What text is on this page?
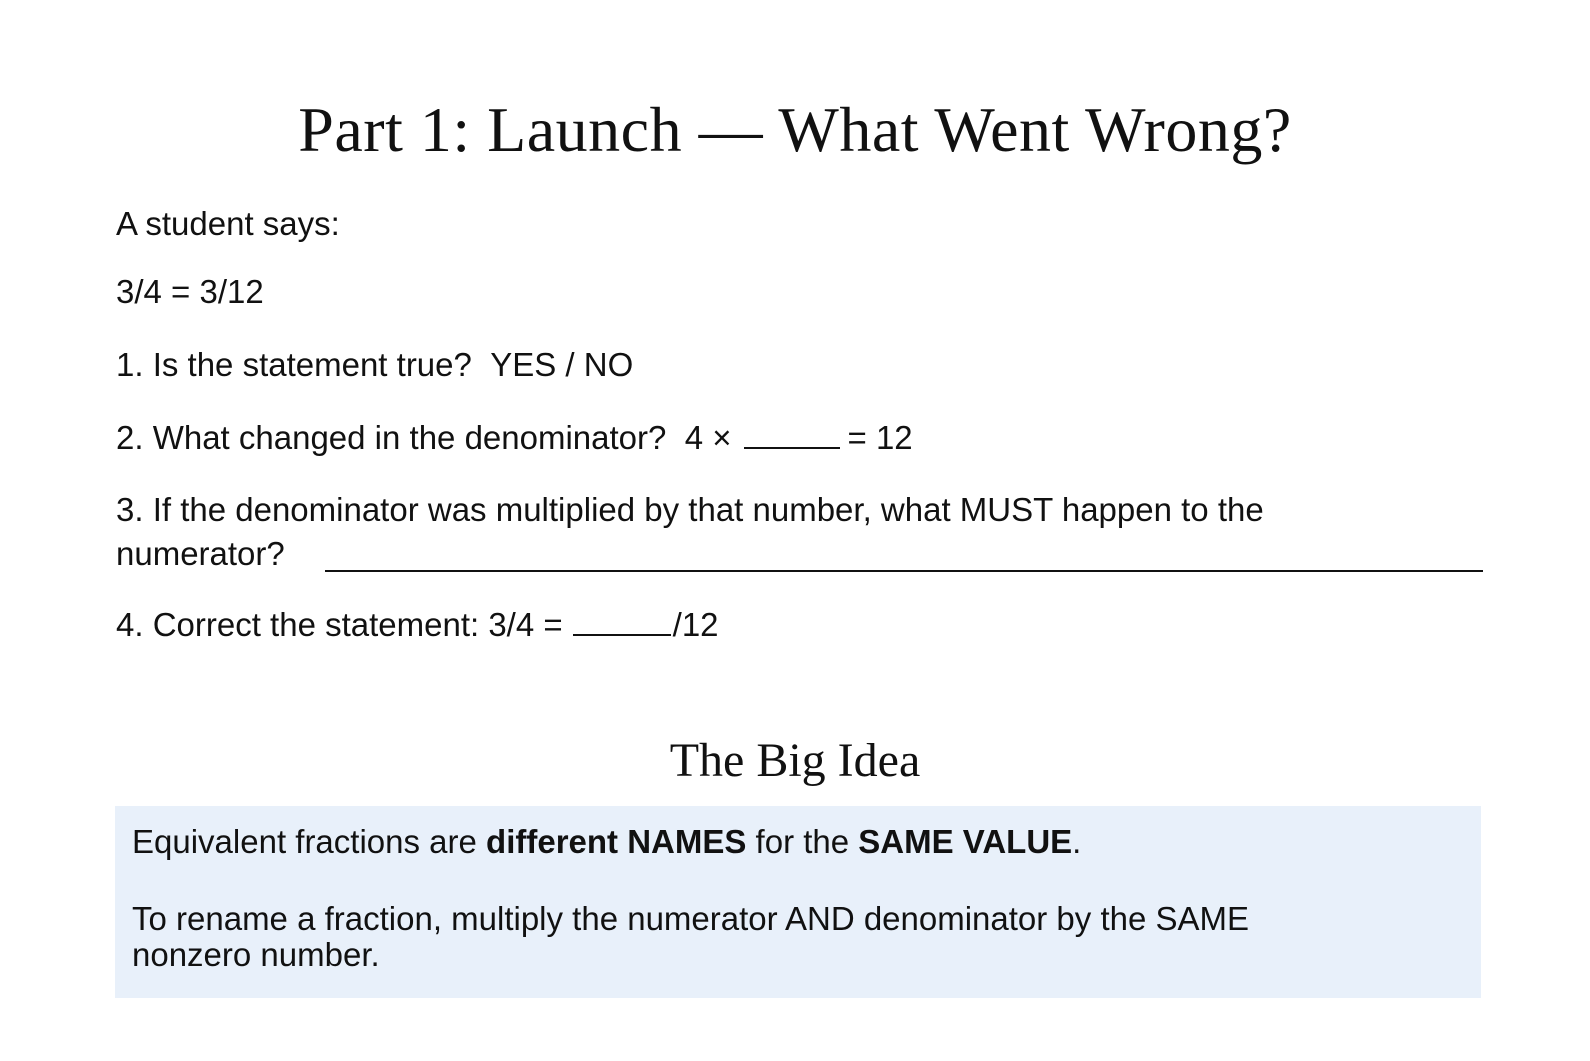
Part 1: Launch — What Went Wrong?

A student says:

3/4 = 3/12

1. Is the statement true? YES / NO

2. What changed in the denominator? 4 ×	= 12

3. If the denominator was multiplied by that number, what MUST happen to the

numerator?

4. Correct the statement: 3/4 =	/12

The Big Idea

Equivalent fractions are different NAMES for the SAME VALUE.

To rename a fraction, multiply the numerator AND denominator by the SAME

nonzero number.
